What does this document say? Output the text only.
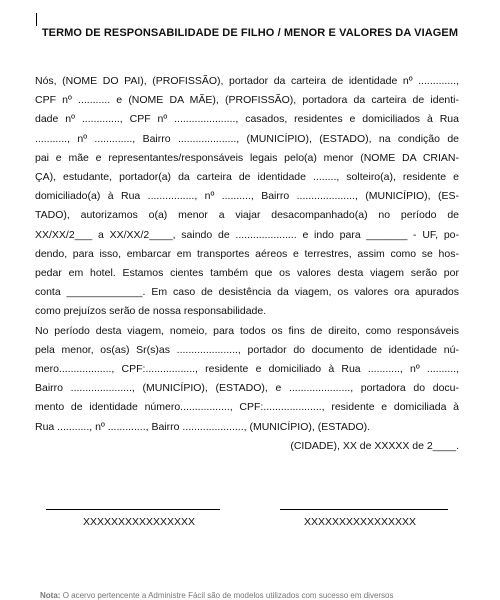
TERMO DE RESPONSABILIDADE DE FILHO / MENOR E VALORES DA VIAGEM
Nós, (NOME DO PAI), (PROFISSÃO), portador da carteira de identidade nº .............,
CPF nº ........... e (NOME DA MÃE), (PROFISSÃO), portadora da carteira de identi-
dade nº ............., CPF nº ....................., casados, residentes e domiciliados à Rua
..........., nº ............., Bairro ...................., (MUNICÍPIO), (ESTADO), na condição de
pai e mãe e representantes/responsáveis legais pelo(a) menor (NOME DA CRIAN-
ÇA), estudante, portador(a) da carteira de identidade ........, solteiro(a), residente e
domiciliado(a) à Rua ................, nº .........., Bairro ...................., (MUNICÍPIO), (ES-
TADO), autorizamos o(a) menor a viajar desacompanhado(a) no período de
XX/XX/2___ a XX/XX/2____, saindo de ..................... e indo para _______ - UF, po-
dendo, para isso, embarcar em transportes aéreos e terrestres, assim como se hos-
pedar em hotel. Estamos cientes também que os valores desta viagem serão por
conta _____________. Em caso de desistência da viagem, os valores ora apurados
como prejuízos serão de nossa responsabilidade.
No período desta viagem, nomeio, para todos os fins de direito, como responsáveis
pela menor, os(as) Sr(s)as ....................., portador do documento de identidade nú-
mero.................., CPF:................., residente e domiciliado à Rua ..........., nº ..........,
Bairro ....................., (MUNICÍPIO), (ESTADO), e ....................., portadora do docu-
mento de identidade número................., CPF:...................., residente e domiciliada à
Rua ..........., nº ............., Bairro ....................., (MUNICÍPIO), (ESTADO).
(CIDADE), XX de XXXXX de 2____.
XXXXXXXXXXXXXXXX	XXXXXXXXXXXXXXXX
Nota: O acervo pertencente a Administre Fácil são de modelos utilizados com sucesso em diversos
